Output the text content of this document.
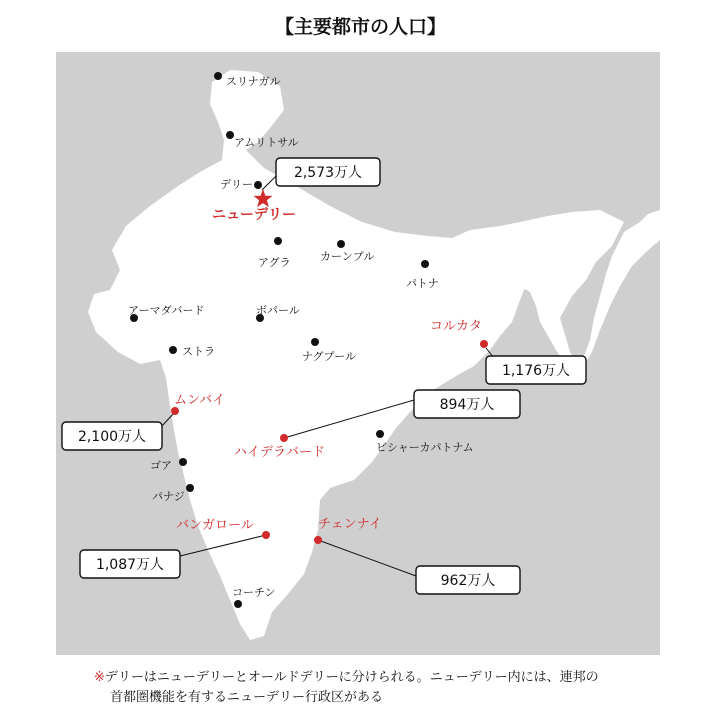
【主要都市の人口】
スリナガル
アムリトサル
デリー
ニューデリー
アグラ	カーンプル
パトナ
アーマダバード	ボパール
コルカタ
ストラ	ナグプール
ムンバイ
ハイデラバード	ビシャーカパトナム
ゴア
パナジ
バンガロール	チェンナイ
コーチン
2,573万人
1,176万人
2,100万人
894万人
1,087万人
962万人
※デリーはニューデリーとオールドデリーに分けられる。ニューデリー内には、連邦の
首都圏機能を有するニューデリー行政区がある
